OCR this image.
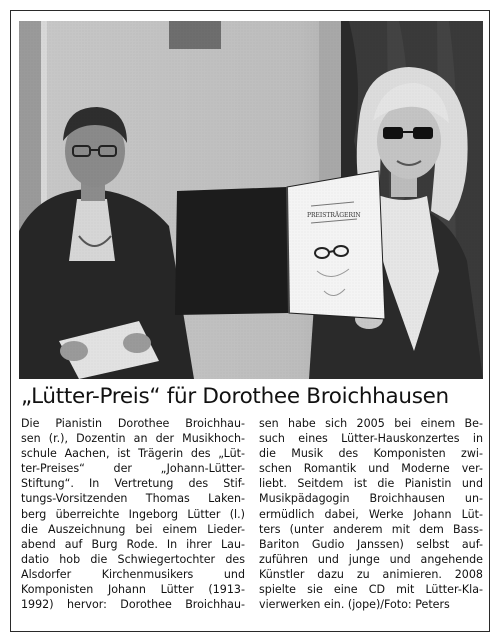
„Lütter-Preis“ für Dorothee Broichhausen
Die Pianistin Dorothee Broichhau-
sen (r.), Dozentin an der Musikhoch-
schule Aachen, ist Trägerin des „Lüt-
ter-Preises“ der „Johann-Lütter-
Stiftung“. In Vertretung des Stif-
tungs-Vorsitzenden Thomas Laken-
berg überreichte Ingeborg Lütter (l.)
die Auszeichnung bei einem Lieder-
abend auf Burg Rode. In ihrer Lau-
datio hob die Schwiegertochter des
Alsdorfer Kirchenmusikers und
Komponisten Johann Lütter (1913-
1992) hervor: Dorothee Broichhau-
sen habe sich 2005 bei einem Be-
such eines Lütter-Hauskonzertes in
die Musik des Komponisten zwi-
schen Romantik und Moderne ver-
liebt. Seitdem ist die Pianistin und
Musikpädagogin Broichhausen un-
ermüdlich dabei, Werke Johann Lüt-
ters (unter anderem mit dem Bass-
Bariton Gudio Janssen) selbst auf-
zuführen und junge und angehende
Künstler dazu zu animieren. 2008
spielte sie eine CD mit Lütter-Kla-
vierwerken ein. (jope)/Foto: Peters
